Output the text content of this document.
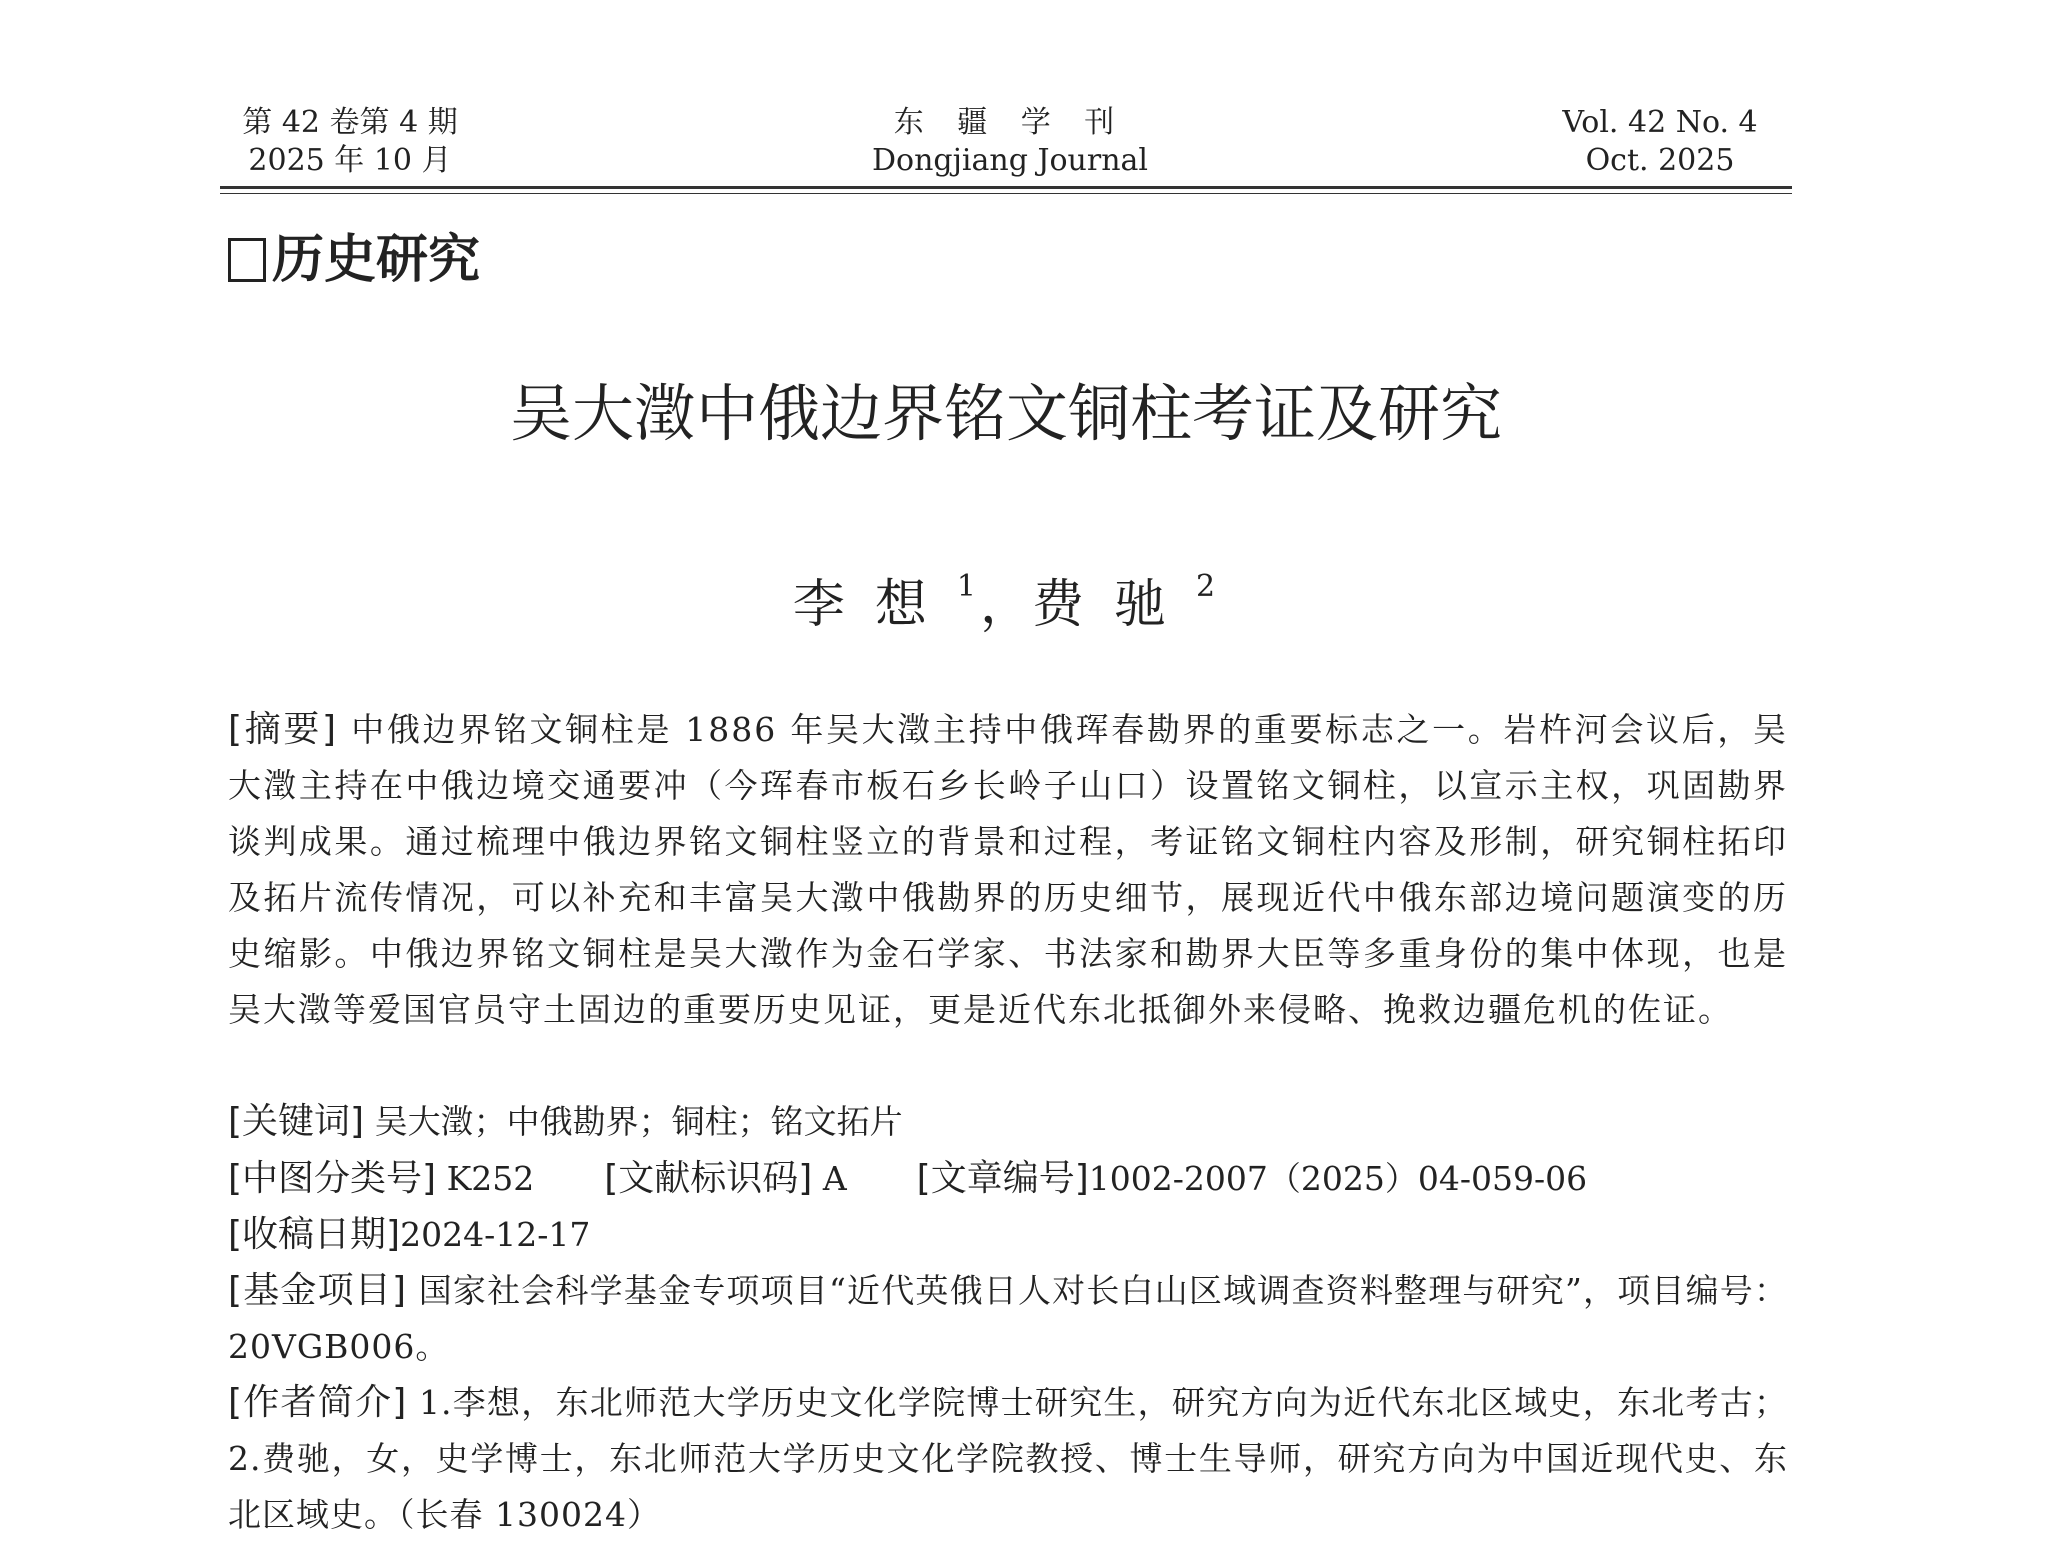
第 42 卷第 4 期
2025 年 10 月
东 疆 学 刊
Dongjiang Journal
Vol. 42 No. 4
Oct. 2025
历史研究
吴大澂中俄边界铭文铜柱考证及研究
李想$^1$，费驰$^2$
[摘要] 中俄边界铭文铜柱是 1886 年吴大澂主持中俄珲春勘界的重要标志之一。岩杵河会议后，吴大澂主持在中俄边境交通要冲（今珲春市板石乡长岭子山口）设置铭文铜柱，以宣示主权，巩固勘界谈判成果。通过梳理中俄边界铭文铜柱竖立的背景和过程，考证铭文铜柱内容及形制，研究铜柱拓印及拓片流传情况，可以补充和丰富吴大澂中俄勘界的历史细节，展现近代中俄东部边境问题演变的历史缩影。中俄边界铭文铜柱是吴大澂作为金石学家、书法家和勘界大臣等多重身份的集中体现，也是吴大澂等爱国官员守土固边的重要历史见证，更是近代东北抵御外来侵略、挽救边疆危机的佐证。
[关键词] 吴大澂；中俄勘界；铜柱；铭文拓片
[中图分类号] K252 [文献标识码] A [文章编号]1002-2007（2025）04-059-06
[收稿日期]2024-12-17
[基金项目] 国家社会科学基金专项项目“近代英俄日人对长白山区域调查资料整理与研究”，项目编号：20VGB006。
[作者简介] 1.李想，东北师范大学历史文化学院博士研究生，研究方向为近代东北区域史，东北考古；2.费驰，女，史学博士，东北师范大学历史文化学院教授、博士生导师，研究方向为中国近现代史、东北区域史。（长春 130024）
